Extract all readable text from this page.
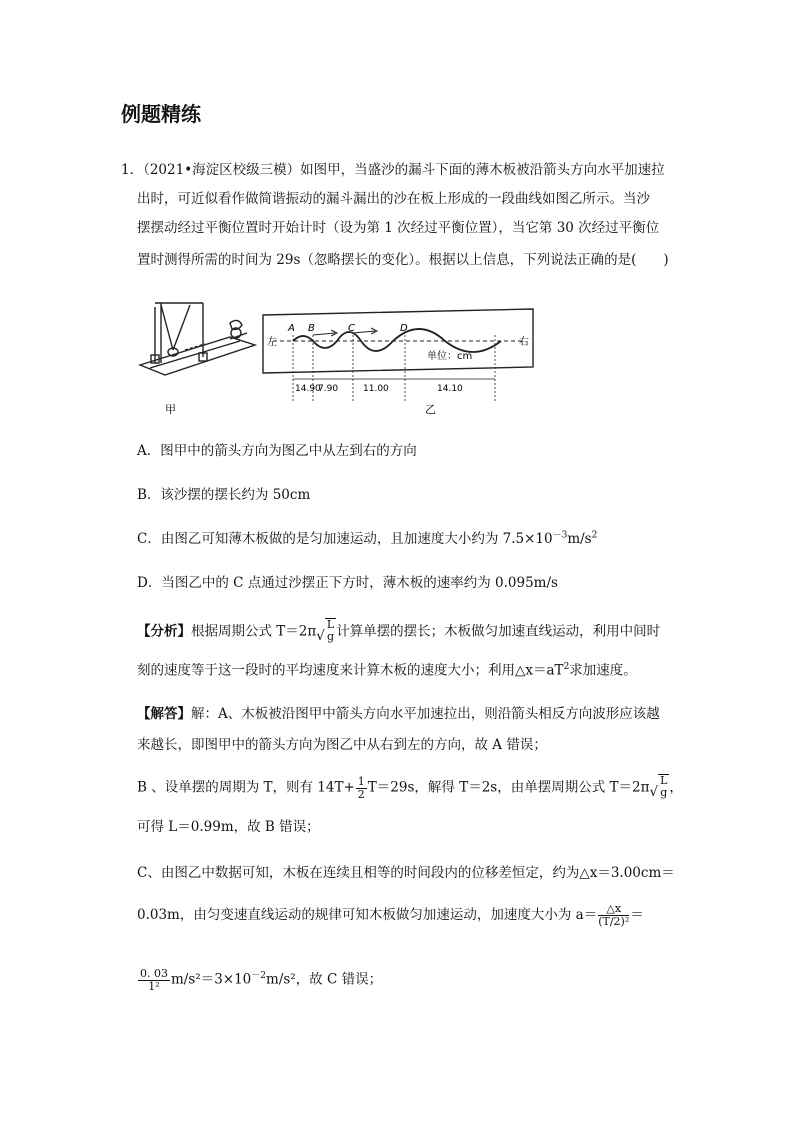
例题精练
1．（2021•海淀区校级三模）如图甲，当盛沙的漏斗下面的薄木板被沿箭头方向水平加速拉
出时，可近似看作做简谐振动的漏斗漏出的沙在板上形成的一段曲线如图乙所示。当沙
摆摆动经过平衡位置时开始计时（设为第 1 次经过平衡位置），当它第 30 次经过平衡位
置时测得所需的时间为 29s（忽略摆长的变化）。根据以上信息，下列说法正确的是(　　)
甲
左	右
A B	C	D
单位：cm
14.90
7.90	11.00	14.10
乙
A．图甲中的箭头方向为图乙中从左到右的方向
B．该沙摆的摆长约为 50cm
C．由图乙可知薄木板做的是匀加速运动，且加速度大小约为 $7.5\times 10^{-3}m/s^2$
D．当图乙中的 C 点通过沙摆正下方时，薄木板的速率约为 0.095m/s
【分析】根据周期公式 T＝2π√
L
g 计算单摆的摆长；木板做匀加速直线运动，利用中间时
刻的速度等于这一段时的平均速度来计算木板的速度大小；利用$\triangle x=aT^2$求加速度。
【解答】解：A、木板被沿图甲中箭头方向水平加速拉出，则沿箭头相反方向波形应该越
来越长，即图甲中的箭头方向为图乙中从右到左的方向，故 A 错误；
B 、设单摆的周期为 T，则有 $14T+ \frac{1}{2} T=29s$，解得 T＝2s，由单摆周期公式 T＝2π√
L
g ，
可得 L＝0.99m，故 B 错误；
C、由图乙中数据可知，木板在连续且相等的时间段内的位移差恒定，约为△x＝3.00cm＝
0.03m，由匀变速直线运动的规律可知木板做匀加速运动，加速度大小为 $a= \frac{\triangle x}{\text{(T/2)²}}$ ＝
$\frac{0. 03}{\text{1²}} m/s^2=3\times 10^{-2}m/s^2$，故 C 错误；
